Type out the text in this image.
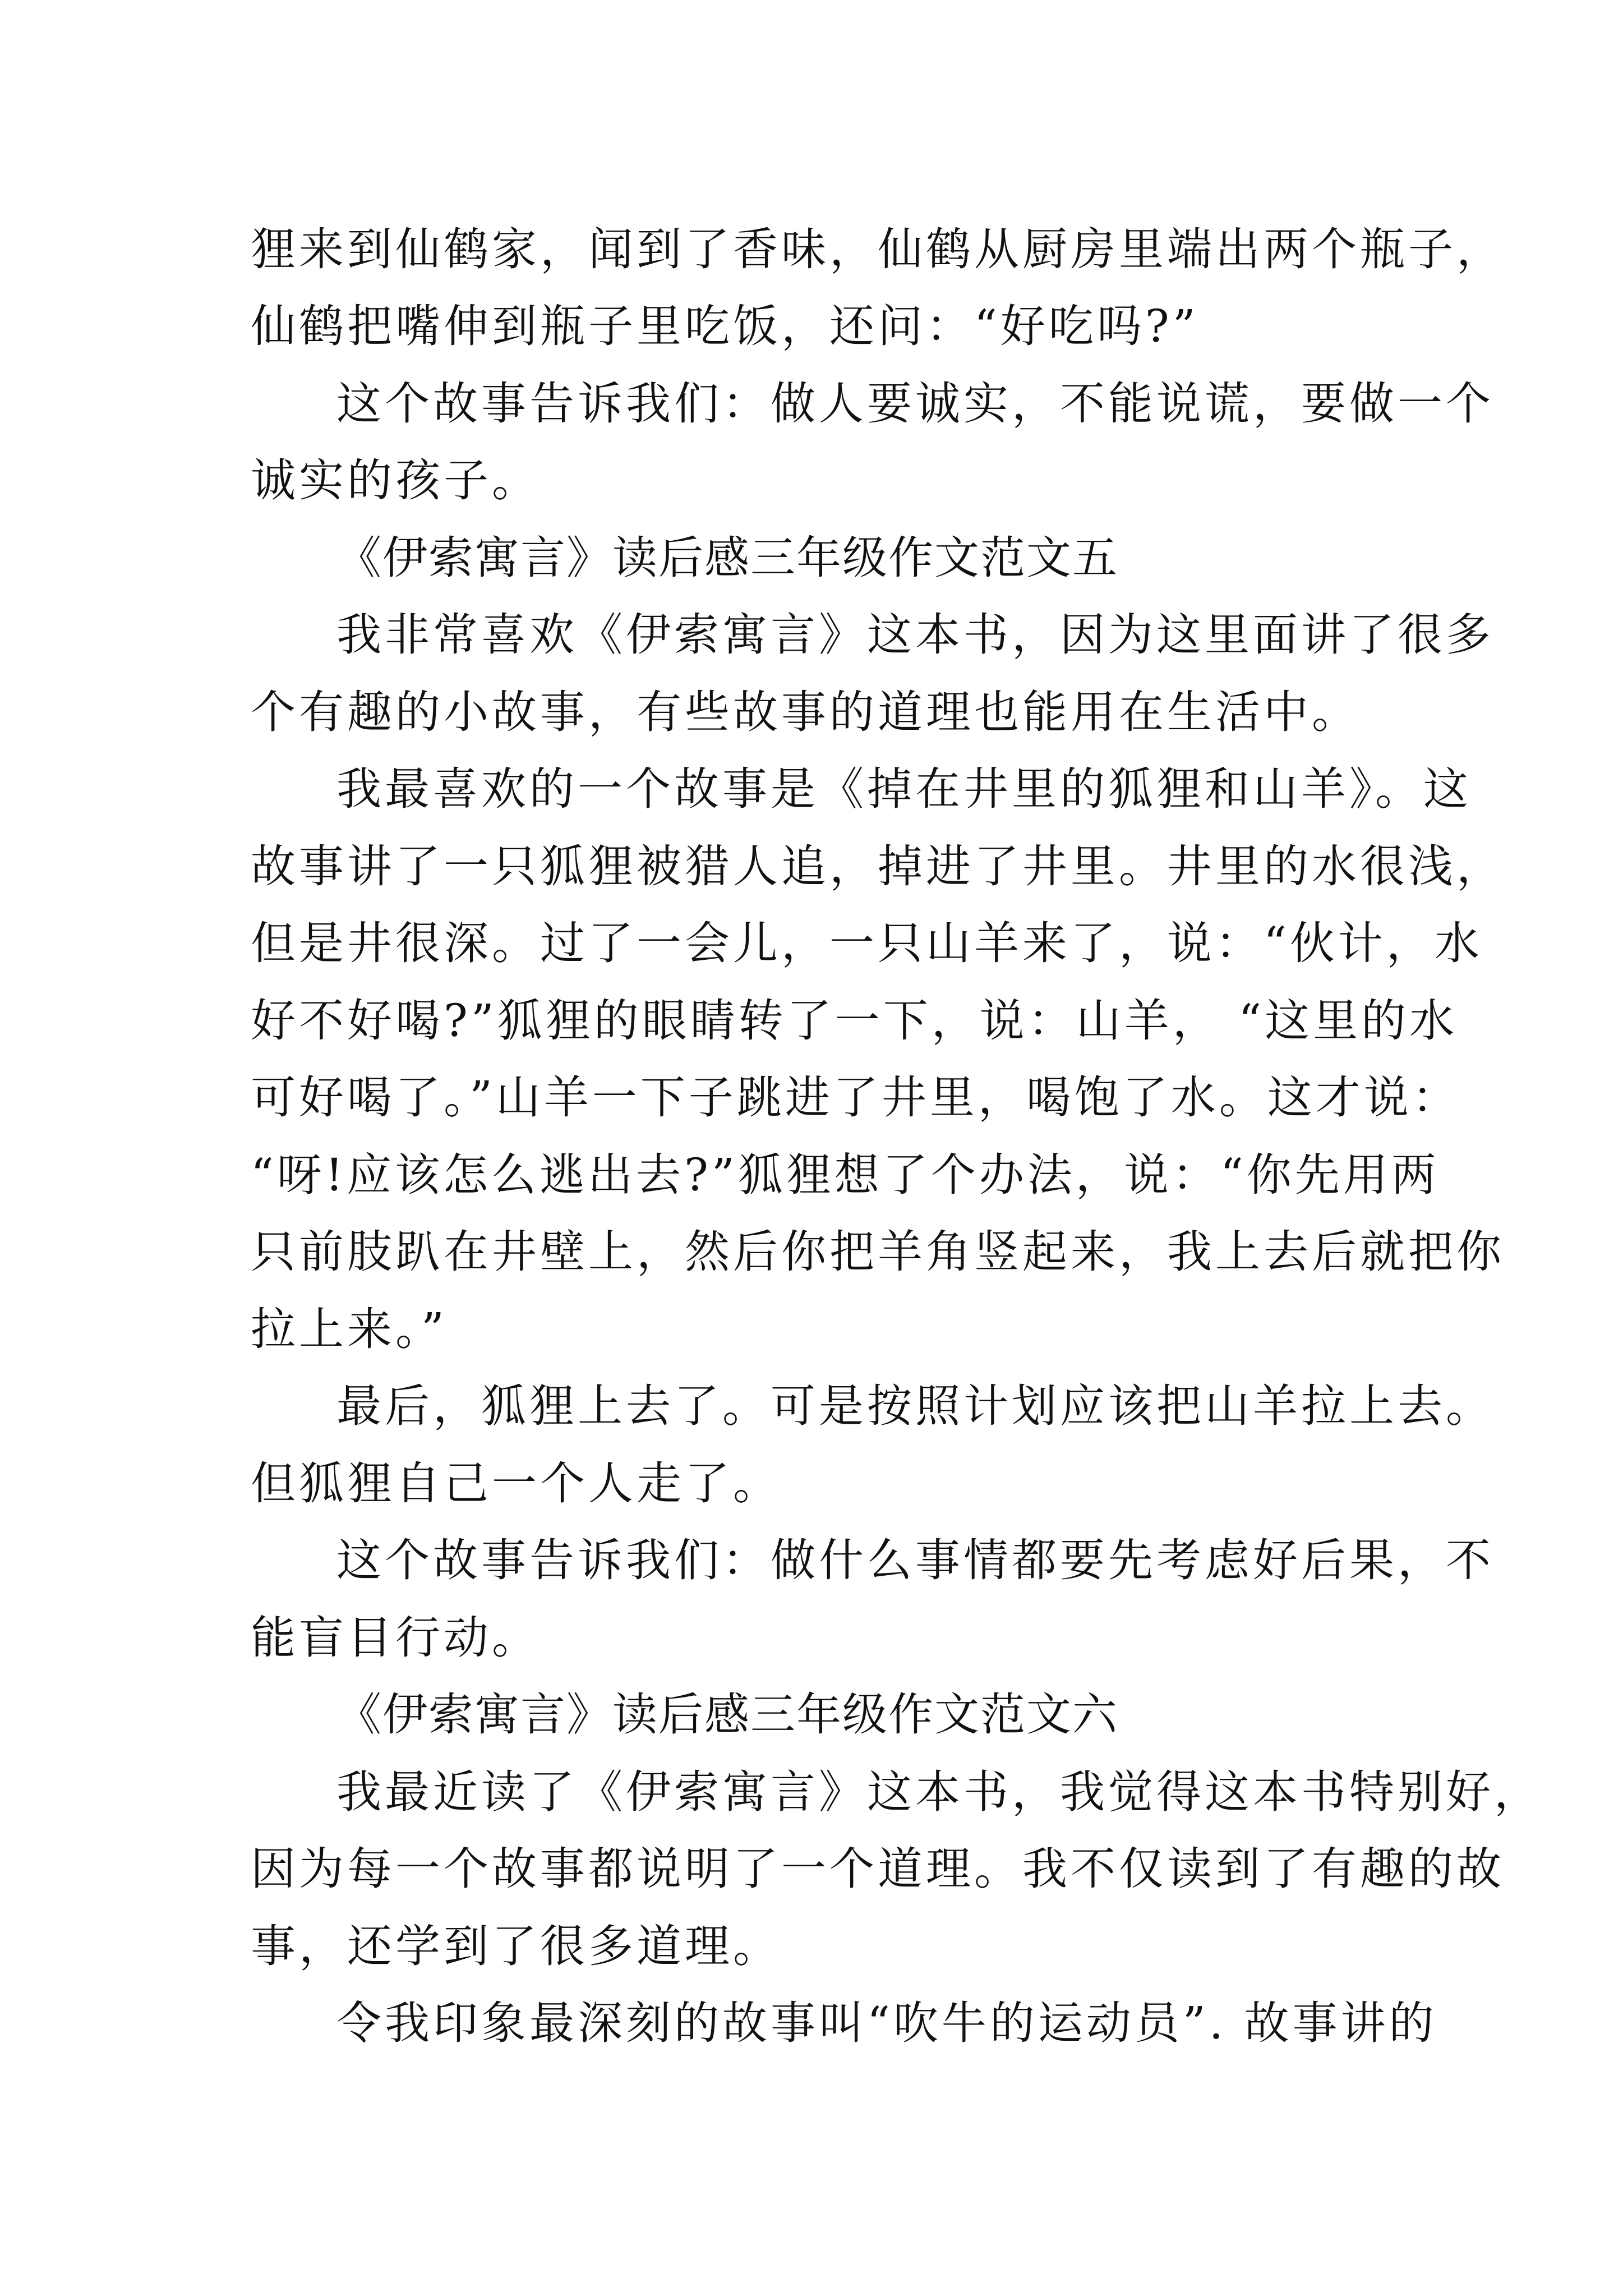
狸来到仙鹤家，闻到了香味，仙鹤从厨房里端出两个瓶子，
仙鹤把嘴伸到瓶子里吃饭，还问：“好吃吗?”
这个故事告诉我们：做人要诚实，不能说谎，要做一个
诚实的孩子。
《伊索寓言》读后感三年级作文范文五
我非常喜欢《伊索寓言》这本书，因为这里面讲了很多
个有趣的小故事，有些故事的道理也能用在生活中。
我最喜欢的一个故事是《掉在井里的狐狸和山羊》。这
故事讲了一只狐狸被猎人追，掉进了井里。井里的水很浅，
但是井很深。过了一会儿，一只山羊来了，说：“伙计，水
好不好喝?”狐狸的眼睛转了一下，说：山羊， “这里的水
可好喝了。”山羊一下子跳进了井里，喝饱了水。这才说：
“呀!应该怎么逃出去?”狐狸想了个办法，说：“你先用两
只前肢趴在井壁上，然后你把羊角竖起来，我上去后就把你
拉上来。”
最后，狐狸上去了。可是按照计划应该把山羊拉上去。
但狐狸自己一个人走了。
这个故事告诉我们：做什么事情都要先考虑好后果，不
能盲目行动。
《伊索寓言》读后感三年级作文范文六
我最近读了《伊索寓言》这本书，我觉得这本书特别好，
因为每一个故事都说明了一个道理。我不仅读到了有趣的故
事，还学到了很多道理。
令我印象最深刻的故事叫“吹牛的运动员”. 故事讲的
